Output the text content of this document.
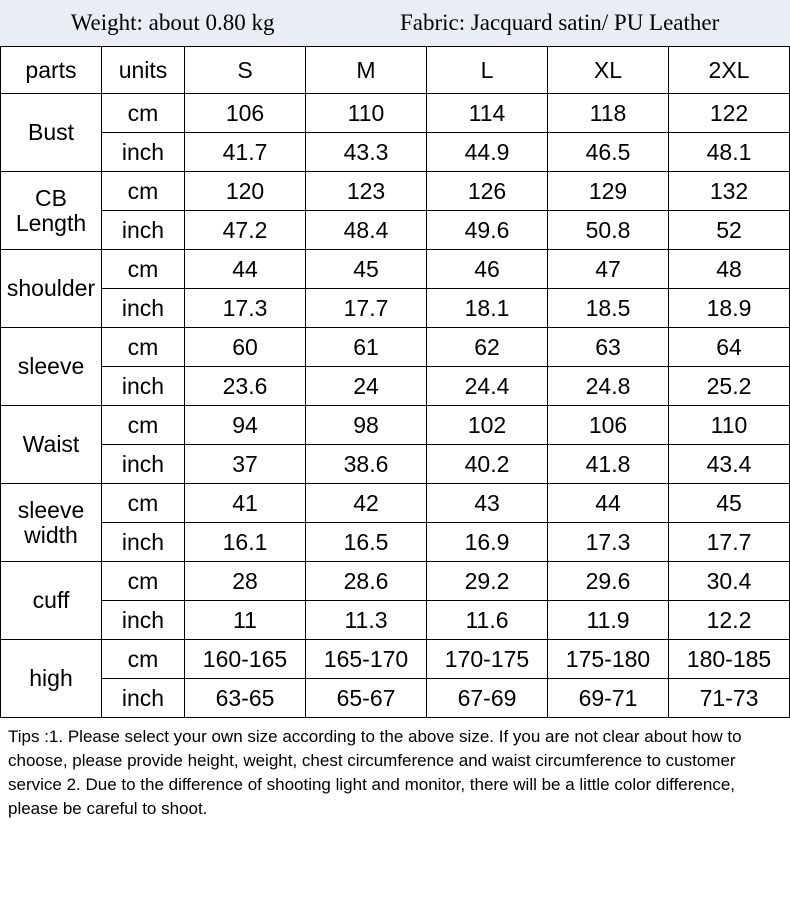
Weight: about 0.80 kg	Fabric: Jacquard satin/ PU Leather
parts	units	S	M	L	XL	2XL
Bust	cm	106	110	114	118	122
	inch	41.7	43.3	44.9	46.5	48.1
CB Length	cm	120	123	126	129	132
	inch	47.2	48.4	49.6	50.8	52
shoulder	cm	44	45	46	47	48
	inch	17.3	17.7	18.1	18.5	18.9
sleeve	cm	60	61	62	63	64
	inch	23.6	24	24.4	24.8	25.2
Waist	cm	94	98	102	106	110
	inch	37	38.6	40.2	41.8	43.4
sleeve width	cm	41	42	43	44	45
	inch	16.1	16.5	16.9	17.3	17.7
cuff	cm	28	28.6	29.2	29.6	30.4
	inch	11	11.3	11.6	11.9	12.2
high	cm	160-165	165-170	170-175	175-180	180-185
	inch	63-65	65-67	67-69	69-71	71-73
Tips :1. Please select your own size according to the above size. If you are not clear about how to choose, please provide height, weight, chest circumference and waist circumference to customer service 2. Due to the difference of shooting light and monitor, there will be a little color difference, please be careful to shoot.
